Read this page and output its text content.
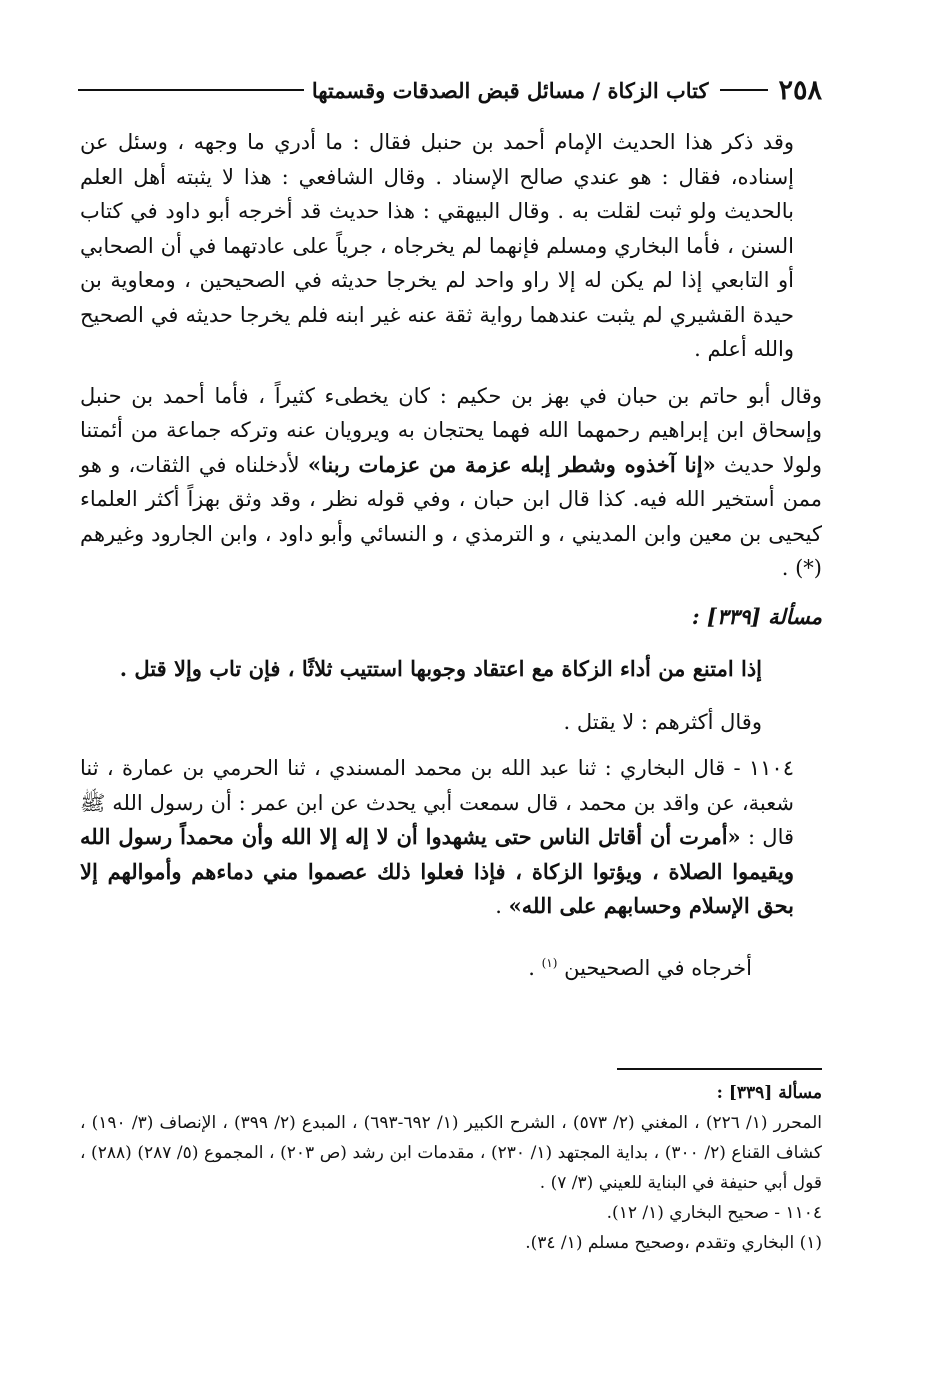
٢٥٨
كتاب الزكاة / مسائل قبض الصدقات وقسمتها

وقد ذكر هذا الحديث الإمام أحمد بن حنبل فقال : ما أدري ما وجهه ، وسئل عن إسناده، فقال : هو عندي صالح الإسناد . وقال الشافعي : هذا لا يثبته أهل العلم بالحديث ولو ثبت لقلت به . وقال البيهقي : هذا حديث قد أخرجه أبو داود في كتاب السنن ، فأما البخاري ومسلم فإنهما لم يخرجاه ، جرياً على عادتهما في أن الصحابي أو التابعي إذا لم يكن له إلا راو واحد لم يخرجا حديثه في الصحيحين ، ومعاوية بن حيدة القشيري لم يثبت عندهما رواية ثقة عنه غير ابنه فلم يخرجا حديثه في الصحيح والله أعلم .

وقال أبو حاتم بن حبان في بهز بن حكيم : كان يخطىء كثيراً ، فأما أحمد بن حنبل وإسحاق ابن إبراهيم رحمهما الله فهما يحتجان به ويرويان عنه وتركه جماعة من أئمتنا ولولا حديث «إنا آخذوه وشطر إبله عزمة من عزمات ربنا» لأدخلناه في الثقات، و هو ممن أستخير الله فيه. كذا قال ابن حبان ، وفي قوله نظر ، وقد وثق بهزاً أكثر العلماء كيحيى بن معين وابن المديني ، و الترمذي ، و النسائي وأبو داود ، وابن الجارود وغيرهم (*) .

مسألة [٣٣٩] :

إذا امتنع من أداء الزكاة مع اعتقاد وجوبها استتيب ثلاثًا ، فإن تاب وإلا قتل .

وقال أكثرهم : لا يقتل .

١١٠٤ - قال البخاري : ثنا عبد الله بن محمد المسندي ، ثنا الحرمي بن عمارة ، ثنا شعبة، عن واقد بن محمد ، قال سمعت أبي يحدث عن ابن عمر : أن رسول الله ﷺ قال : «أمرت أن أقاتل الناس حتى يشهدوا أن لا إله إلا الله وأن محمداً رسول الله ويقيموا الصلاة ، ويؤتوا الزكاة ، فإذا فعلوا ذلك عصموا مني دماءهم وأموالهم إلا بحق الإسلام وحسابهم على الله» .

أخرجاه في الصحيحين $^{(١)}$ .

مسألة [٣٣٩] :

المحرر (١/ ٢٢٦) ، المغني (٢/ ٥٧٣) ، الشرح الكبير (١/ ٦٩٢-٦٩٣) ، المبدع (٢/ ٣٩٩) ، الإنصاف (٣/ ١٩٠) ، كشاف القناع (٢/ ٣٠٠) ، بداية المجتهد (١/ ٢٣٠) ، مقدمات ابن رشد (ص ٢٠٣) ، المجموع (٥/ ٢٨٧) (٢٨٨) ، قول أبي حنيفة في البناية للعيني (٣/ ٧) .

١١٠٤ - صحيح البخاري (١/ ١٢).

(١) البخاري وتقدم ،وصحيح مسلم (١/ ٣٤).
